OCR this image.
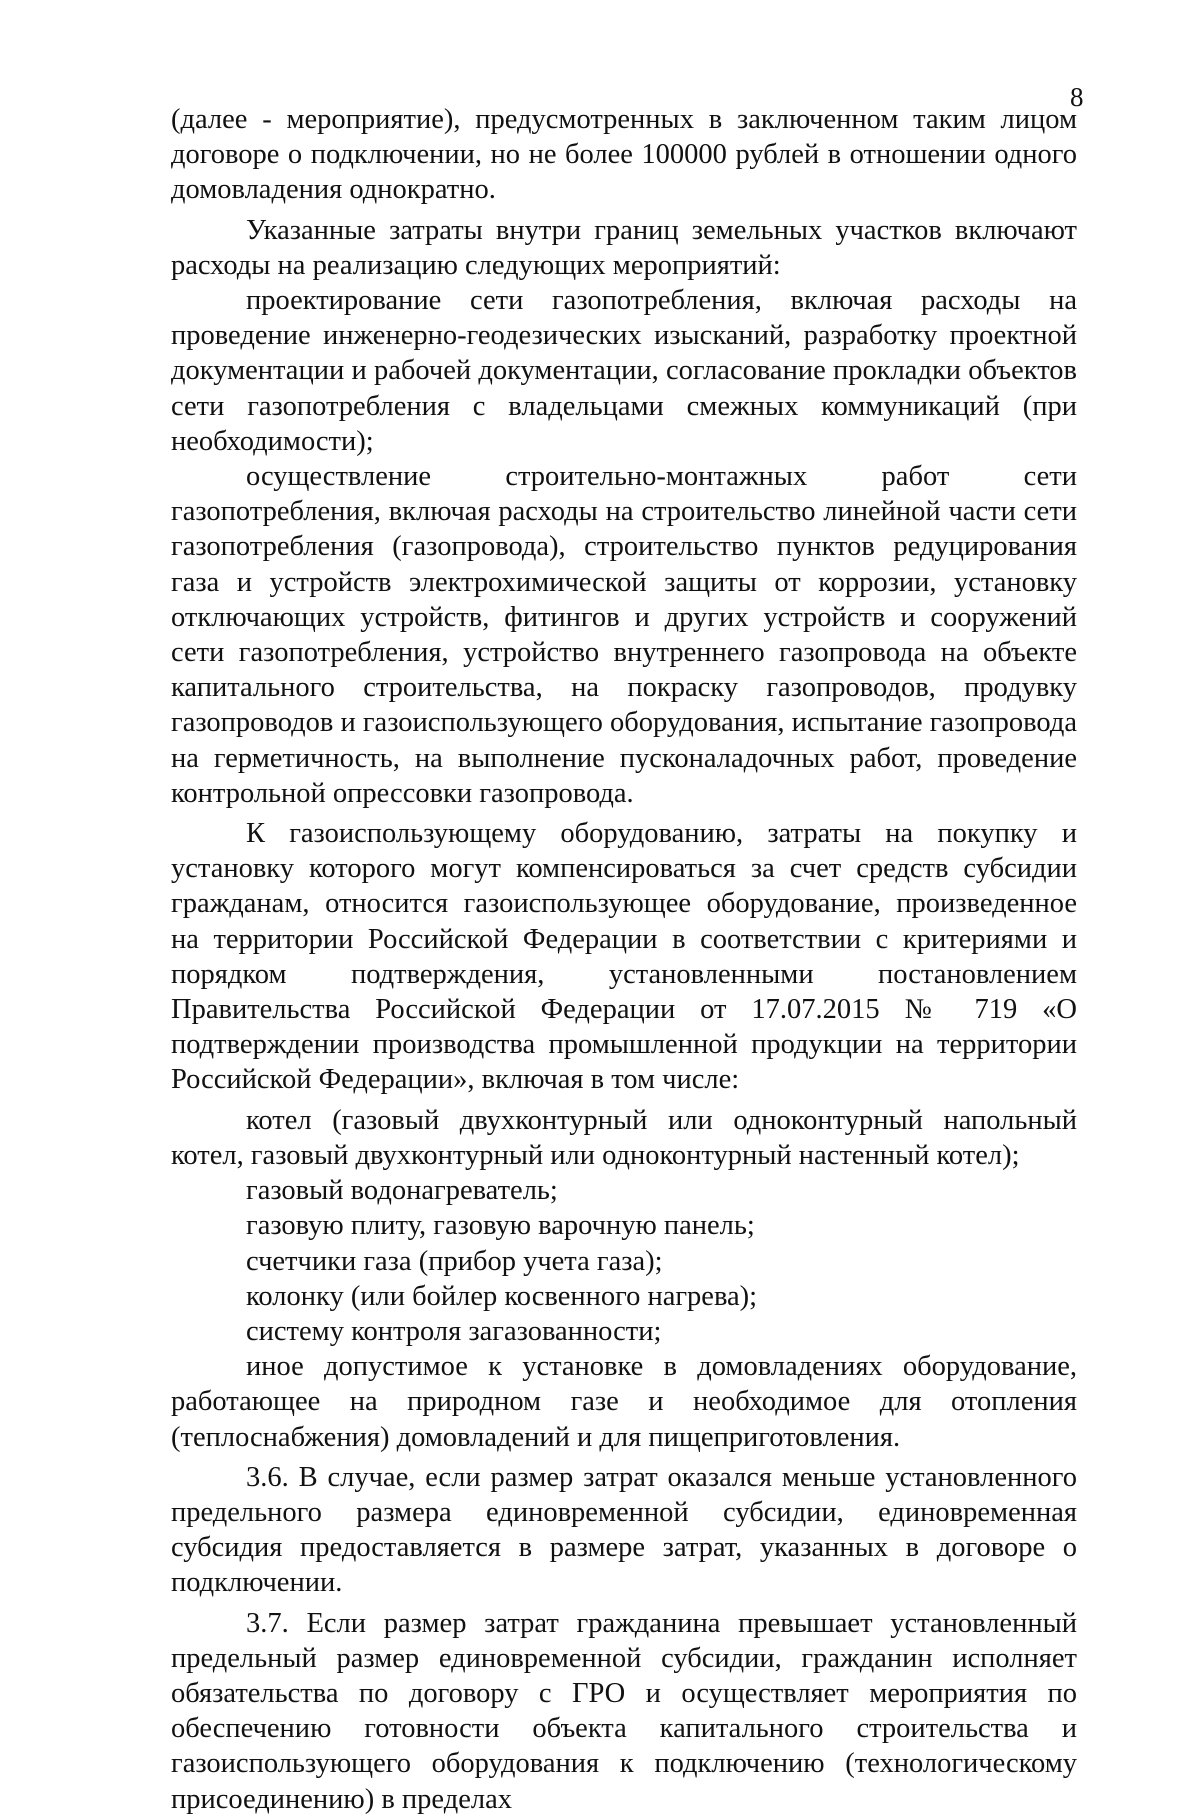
8

(далее - мероприятие), предусмотренных в заключенном таким лицом договоре о подключении, но не более 100000 рублей в отношении одного домовладения однократно.

Указанные затраты внутри границ земельных участков включают расходы на реализацию следующих мероприятий:

проектирование сети газопотребления, включая расходы на проведение инженерно-геодезических изысканий, разработку проектной документации и рабочей документации, согласование прокладки объектов сети газопотребления с владельцами смежных коммуникаций (при необходимости);

осуществление строительно-монтажных работ сети газопотребления, включая расходы на строительство линейной части сети газопотребления (газопровода), строительство пунктов редуцирования газа и устройств электрохимической защиты от коррозии, установку отключающих устройств, фитингов и других устройств и сооружений сети газопотребления, устройство внутреннего газопровода на объекте капитального строительства, на покраску газопроводов, продувку газопроводов и газоиспользующего оборудования, испытание газопровода на герметичность, на выполнение пусконаладочных работ, проведение контрольной опрессовки газопровода.

К газоиспользующему оборудованию, затраты на покупку и установку которого могут компенсироваться за счет средств субсидии гражданам, относится газоиспользующее оборудование, произведенное на территории Российской Федерации в соответствии с критериями и порядком подтверждения, установленными постановлением Правительства Российской Федерации от 17.07.2015 № 719 «О подтверждении производства промышленной продукции на территории Российской Федерации», включая в том числе:

котел (газовый двухконтурный или одноконтурный напольный котел, газовый двухконтурный или одноконтурный настенный котел);

газовый водонагреватель;

газовую плиту, газовую варочную панель;

счетчики газа (прибор учета газа);

колонку (или бойлер косвенного нагрева);

систему контроля загазованности;

иное допустимое к установке в домовладениях оборудование, работающее на природном газе и необходимое для отопления (теплоснабжения) домовладений и для пищеприготовления.

3.6. В случае, если размер затрат оказался меньше установленного предельного размера единовременной субсидии, единовременная субсидия предоставляется в размере затрат, указанных в договоре о подключении.

3.7. Если размер затрат гражданина превышает установленный предельный размер единовременной субсидии, гражданин исполняет обязательства по договору с ГРО и осуществляет мероприятия по обеспечению готовности объекта капитального строительства и газоиспользующего оборудования к подключению (технологическому присоединению) в пределах
